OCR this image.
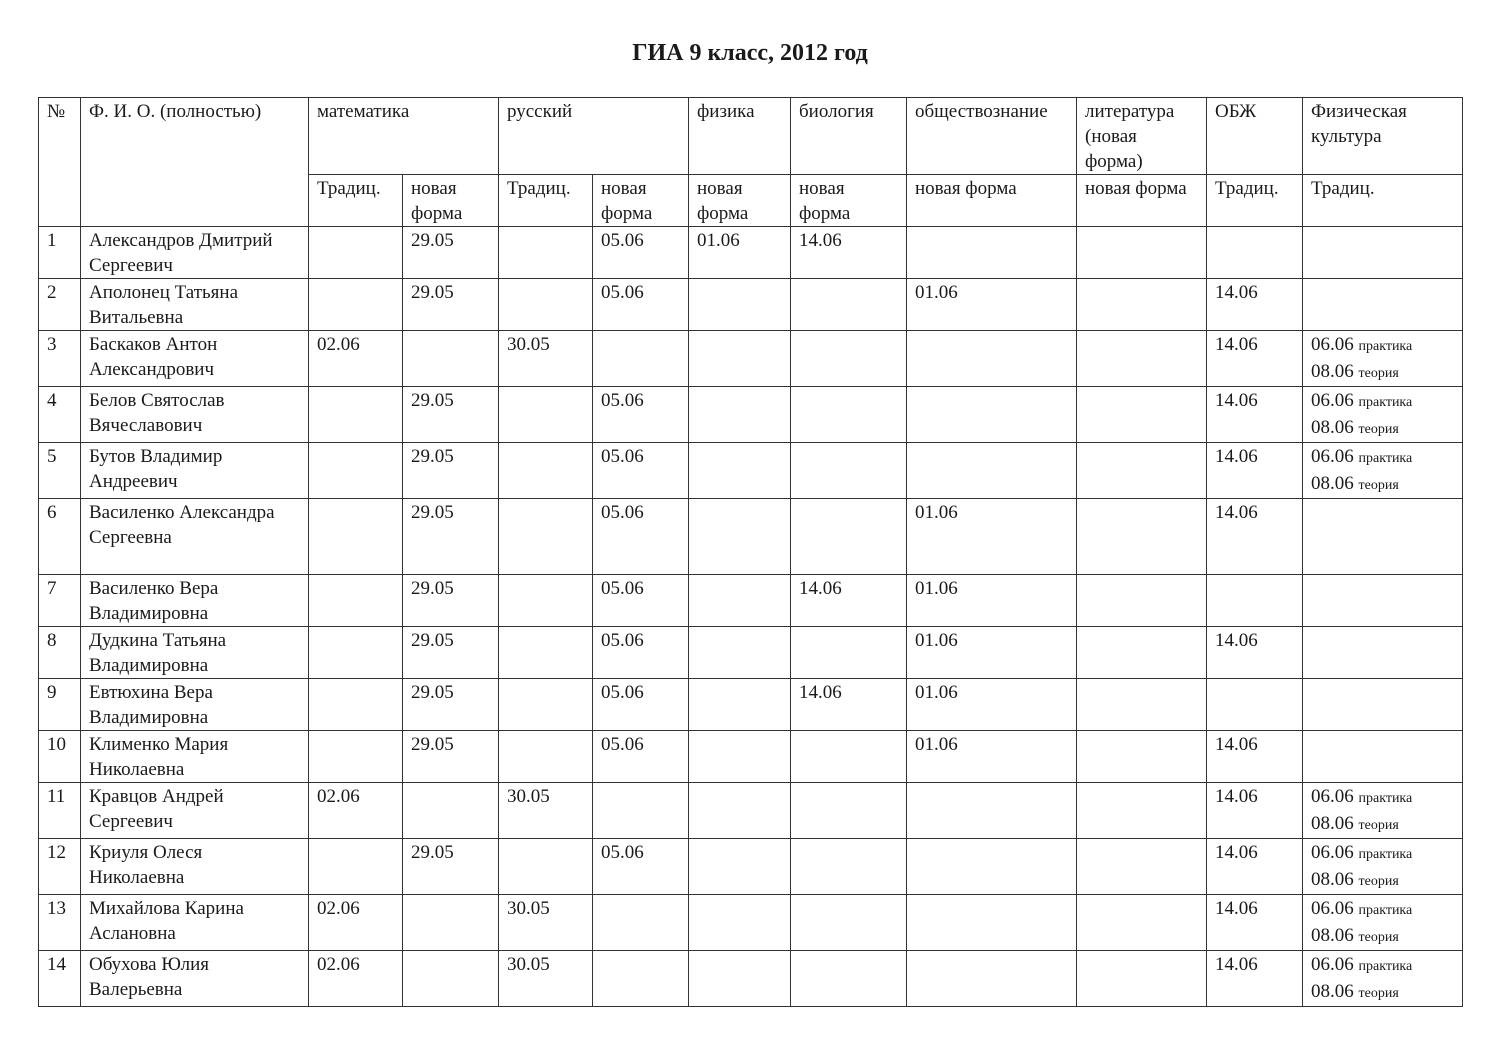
ГИА 9 класс, 2012 год
№	Ф. И. О. (полностью)	математика		русский		физика	биология	обществознание	литература (новая форма)	ОБЖ	Физическая культура
		Традиц.	новая форма	Традиц.	новая форма	новая форма	новая форма	новая форма	новая форма	Традиц.	Традиц.
1	Александров Дмитрий Сергеевич		29.05		05.06	01.06	14.06				
2	Аполонец Татьяна Витальевна		29.05		05.06			01.06		14.06	
3	Баскаков Антон Александрович	02.06		30.05						14.06	06.06 практика
08.06 теория

4	Белов Святослав Вячеславович		29.05		05.06					14.06	06.06 практика
08.06 теория

5	Бутов Владимир Андреевич		29.05		05.06					14.06	06.06 практика
08.06 теория

6	Василенко Александра Сергеевна		29.05		05.06			01.06		14.06	
7	Василенко Вера Владимировна		29.05		05.06		14.06	01.06			
8	Дудкина Татьяна Владимировна		29.05		05.06			01.06		14.06	
9	Евтюхина Вера Владимировна		29.05		05.06		14.06	01.06			
10	Клименко Мария Николаевна		29.05		05.06			01.06		14.06	
11	Кравцов Андрей Сергеевич	02.06		30.05						14.06	06.06 практика
08.06 теория

12	Криуля Олеся Николаевна		29.05		05.06					14.06	06.06 практика
08.06 теория

13	Михайлова Карина Аслановна	02.06		30.05						14.06	06.06 практика
08.06 теория

14	Обухова Юлия Валерьевна	02.06		30.05						14.06	06.06 практика
08.06 теория
